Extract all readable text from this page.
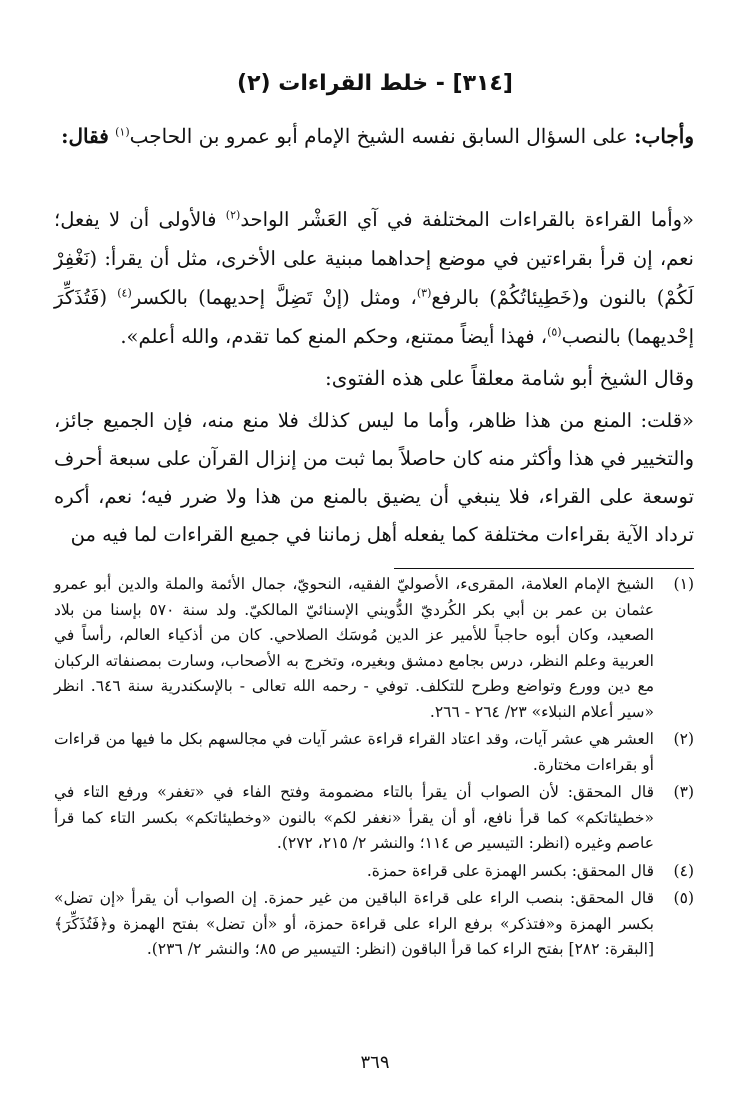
[٣١٤] - خلط القراءات (٢)
وأجاب: على السؤال السابق نفسه الشيخ الإمام أبو عمرو بن الحاجب$^{(١)}$ فقال:
«وأما القراءة بالقراءات المختلفة في آي العَشْر الواحد$^{(٢)}$ فالأولى أن لا يفعل؛ نعم، إن قرأ بقراءتين في موضع إحداهما مبنية على الأخرى، مثل أن يقرأ: (نَغْفِرْ لَكُمْ) بالنون و(خَطِيئاتُكُمْ) بالرفع$^{(٣)}$، ومثل (إنْ تَضِلَّ إحديهما) بالكسر$^{(٤)}$ (فَتُذَكِّرَ إحْديهما) بالنصب$^{(٥)}$، فهذا أيضاً ممتنع، وحكم المنع كما تقدم، والله أعلم».
وقال الشيخ أبو شامة معلقاً على هذه الفتوى:
«قلت: المنع من هذا ظاهر، وأما ما ليس كذلك فلا منع منه، فإن الجميع جائز، والتخيير في هذا وأكثر منه كان حاصلاً بما ثبت من إنزال القرآن على سبعة أحرف توسعة على القراء، فلا ينبغي أن يضيق بالمنع من هذا ولا ضرر فيه؛ نعم، أكره ترداد الآية بقراءات مختلفة كما يفعله أهل زماننا في جميع القراءات لما فيه من
(١)
الشيخ الإمام العلامة، المقرىء، الأصوليّ الفقيه، النحويّ، جمال الأئمة والملة والدين أبو عمرو عثمان بن عمر بن أبي بكر الكُرديّ الدُّويني الإسنائيّ المالكيّ. ولد سنة ٥٧٠ بإسنا من بلاد الصعيد، وكان أبوه حاجباً للأمير عز الدين مُوسَك الصلاحي. كان من أذكياء العالم، رأساً في العربية وعلم النظر، درس بجامع دمشق وبغيره، وتخرج به الأصحاب، وسارت بمصنفاته الركبان مع دين وورع وتواضع وطرح للتكلف. توفي - رحمه الله تعالى - بالإسكندرية سنة ٦٤٦. انظر «سير أعلام النبلاء» ٢٣/ ٢٦٤ - ٢٦٦.
(٢)
العشر هي عشر آيات، وقد اعتاد القراء قراءة عشر آيات في مجالسهم بكل ما فيها من قراءات أو بقراءات مختارة.
(٣)
قال المحقق: لأن الصواب أن يقرأ بالتاء مضمومة وفتح الفاء في «تغفر» ورفع التاء في «خطيئاتكم» كما قرأ نافع، أو أن يقرأ «نغفر لكم» بالنون «وخطيئاتكم» بكسر التاء كما قرأ عاصم وغيره (انظر: التيسير ص ١١٤؛ والنشر ٢/ ٢١٥، ٢٧٢).
(٤)
قال المحقق: بكسر الهمزة على قراءة حمزة.
(٥)
قال المحقق: بنصب الراء على قراءة الباقين من غير حمزة. إن الصواب أن يقرأ «إن تضل» بكسر الهمزة و«فتذكر» برفع الراء على قراءة حمزة، أو «أن تضل» بفتح الهمزة و﴿فَتُذَكِّرَ﴾ [البقرة: ٢٨٢] بفتح الراء كما قرأ الباقون (انظر: التيسير ص ٨٥؛ والنشر ٢/ ٢٣٦).
٣٦٩
